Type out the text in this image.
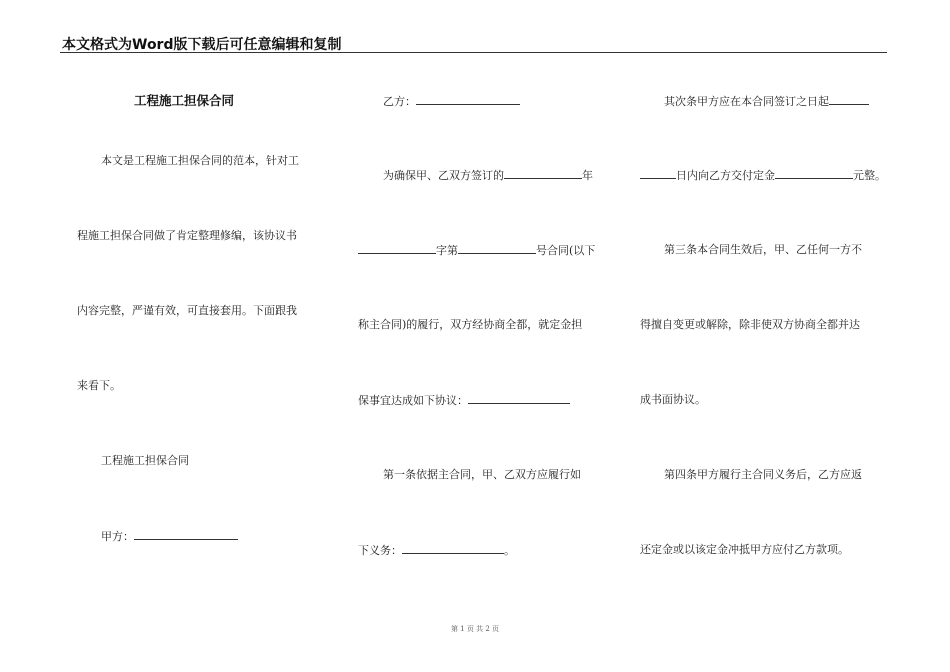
本文格式为Word版下载后可任意编辑和复制
工程施工担保合同
本文是工程施工担保合同的范本，针对工
程施工担保合同做了肯定整理修编，该协议书
内容完整，严谨有效，可直接套用。下面跟我
来看下。
工程施工担保合同
甲方：
乙方：
为确保甲、乙双方签订的	年
字第	号合同(以下
称主合同)的履行，双方经协商全都，就定金担
保事宜达成如下协议：
第一条依据主合同，甲、乙双方应履行如
下义务：	。
其次条甲方应在本合同签订之日起
日内向乙方交付定金	元整。
第三条本合同生效后，甲、乙任何一方不
得擅自变更或解除，除非使双方协商全都并达
成书面协议。
第四条甲方履行主合同义务后，乙方应返
还定金或以该定金冲抵甲方应付乙方款项。
第 1 页 共 2 页
